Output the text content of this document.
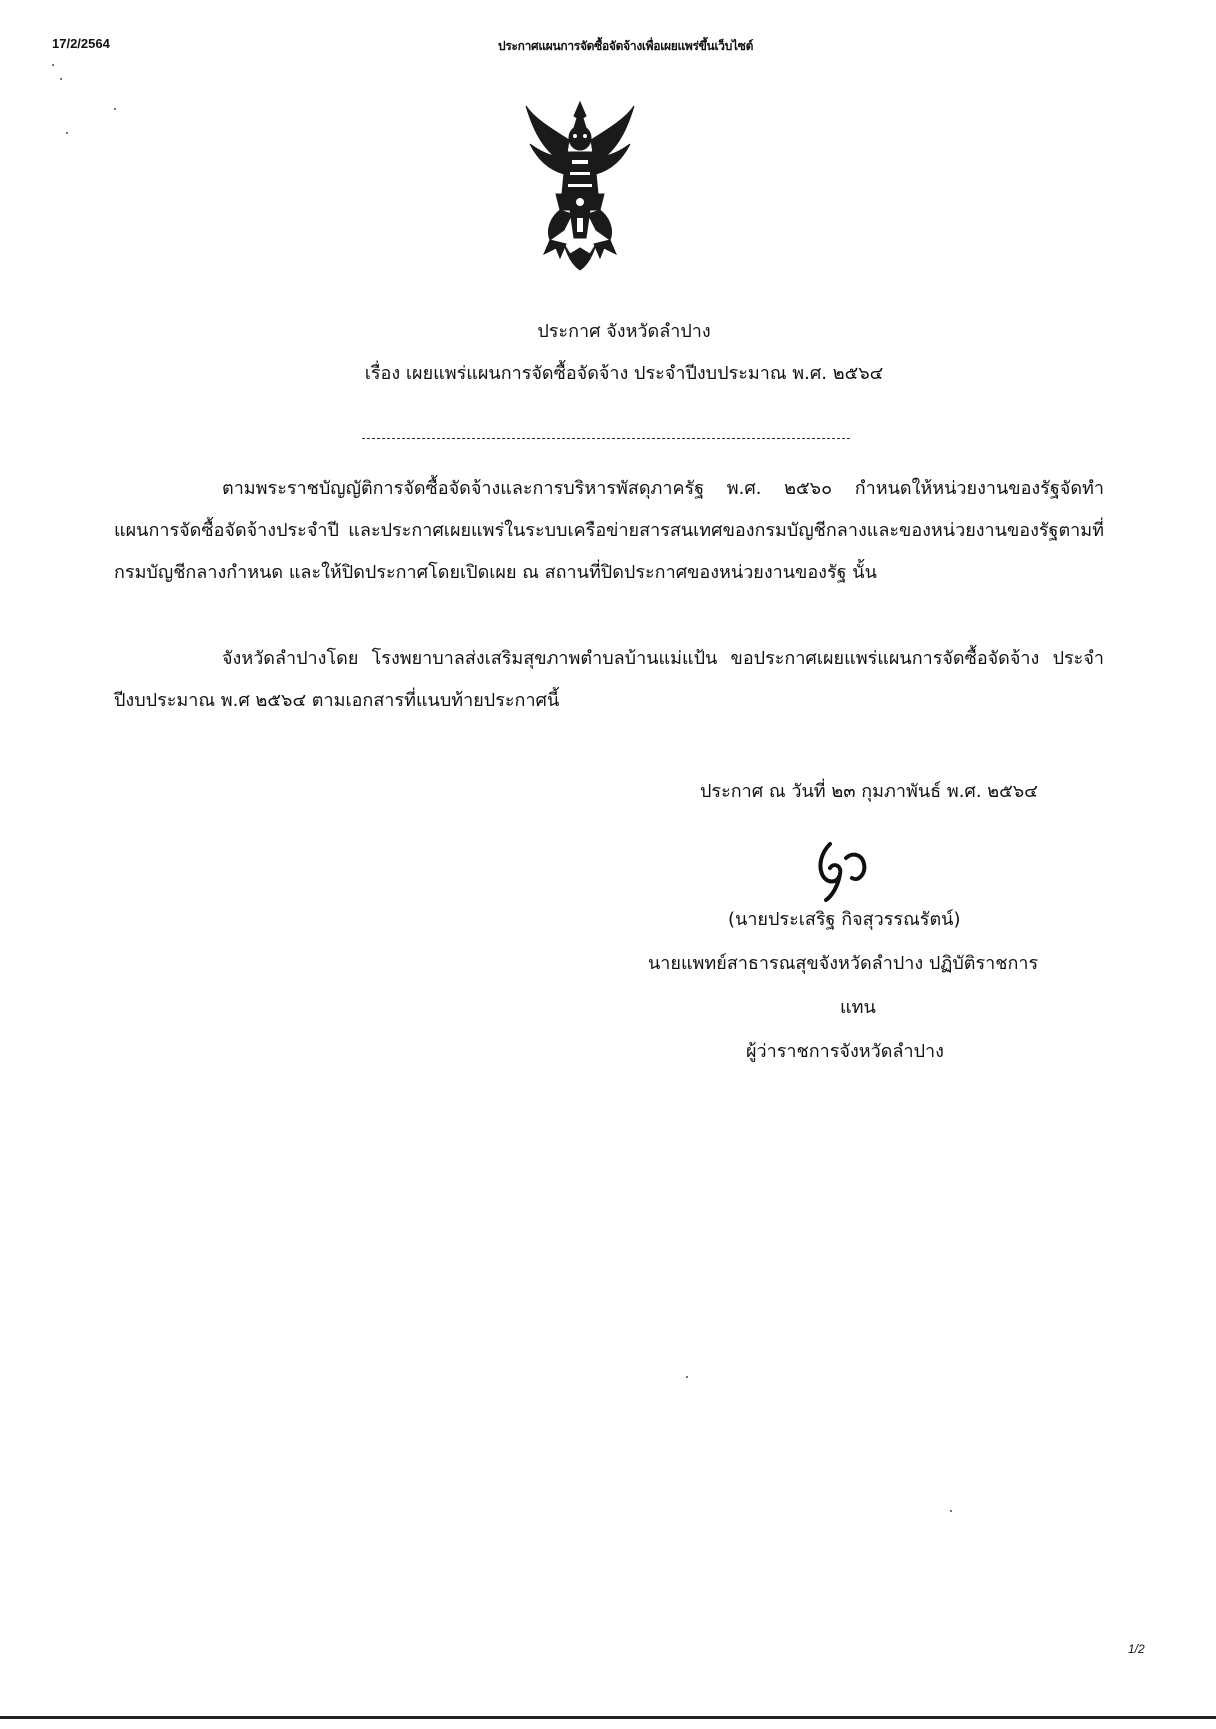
17/2/2564	ประกาศแผนการจัดซื้อจัดจ้างเพื่อเผยแพร่ขึ้นเว็บไซต์
ประกาศ จังหวัดลำปาง
เรื่อง เผยแพร่แผนการจัดซื้อจัดจ้าง ประจำปีงบประมาณ พ.ศ. ๒๕๖๔
ตามพระราชบัญญัติการจัดซื้อจัดจ้างและการบริหารพัสดุภาครัฐ พ.ศ. ๒๕๖๐ กำหนดให้หน่วยงานของรัฐจัดทำแผนการจัดซื้อจัดจ้างประจำปี และประกาศเผยแพร่ในระบบเครือข่ายสารสนเทศของกรมบัญชีกลางและของหน่วยงานของรัฐตามที่กรมบัญชีกลางกำหนด และให้ปิดประกาศโดยเปิดเผย ณ สถานที่ปิดประกาศของหน่วยงานของรัฐ นั้น
จังหวัดลำปางโดย โรงพยาบาลส่งเสริมสุขภาพตำบลบ้านแม่แป้น ขอประกาศเผยแพร่แผนการจัดซื้อจัดจ้าง ประจำปีงบประมาณ พ.ศ ๒๕๖๔ ตามเอกสารที่แนบท้ายประกาศนี้
ประกาศ ณ วันที่ ๒๓ กุมภาพันธ์ พ.ศ. ๒๕๖๔
(นายประเสริฐ กิจสุวรรณรัตน์)
นายแพทย์สาธารณสุขจังหวัดลำปาง ปฏิบัติราชการ
แทน
ผู้ว่าราชการจังหวัดลำปาง
1/2
